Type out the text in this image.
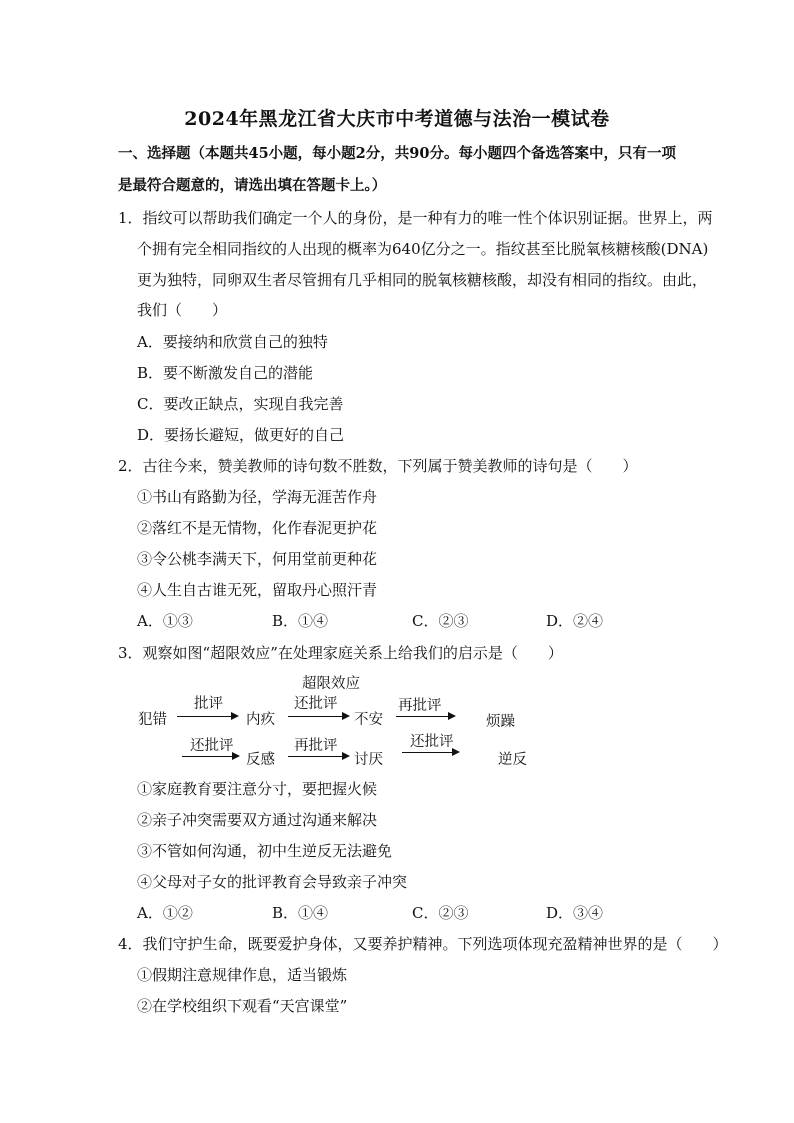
2024年黑龙江省大庆市中考道德与法治一模试卷
一、选择题（本题共45小题，每小题2分，共90分。每小题四个备选答案中，只有一项
是最符合题意的，请选出填在答题卡上。）
1．指纹可以帮助我们确定一个人的身份，是一种有力的唯一性个体识别证据。世界上，两
个拥有完全相同指纹的人出现的概率为640亿分之一。指纹甚至比脱氧核糖核酸(DNA)
更为独特，同卵双生者尽管拥有几乎相同的脱氧核糖核酸，却没有相同的指纹。由此，
我们（　　）
A．要接纳和欣赏自己的独特
B．要不断激发自己的潜能
C．要改正缺点，实现自我完善
D．要扬长避短，做更好的自己
2．古往今来，赞美教师的诗句数不胜数，下列属于赞美教师的诗句是（　　）
①书山有路勤为径，学海无涯苦作舟
②落红不是无情物，化作春泥更护花
③令公桃李满天下，何用堂前更种花
④人生自古谁无死，留取丹心照汗青
A．①③	B．①④	C．②③	D．②④
3．观察如图“超限效应”在处理家庭关系上给我们的启示是（　　）
超限效应
犯错
批评
内疚
还批评
不安
再批评
烦躁
还批评
反感
再批评
讨厌
还批评
逆反
①家庭教育要注意分寸，要把握火候
②亲子冲突需要双方通过沟通来解决
③不管如何沟通，初中生逆反无法避免
④父母对子女的批评教育会导致亲子冲突
A．①②	B．①④	C．②③	D．③④
4．我们守护生命，既要爱护身体，又要养护精神。下列选项体现充盈精神世界的是（　　）
①假期注意规律作息，适当锻炼
②在学校组织下观看“天宫课堂”
